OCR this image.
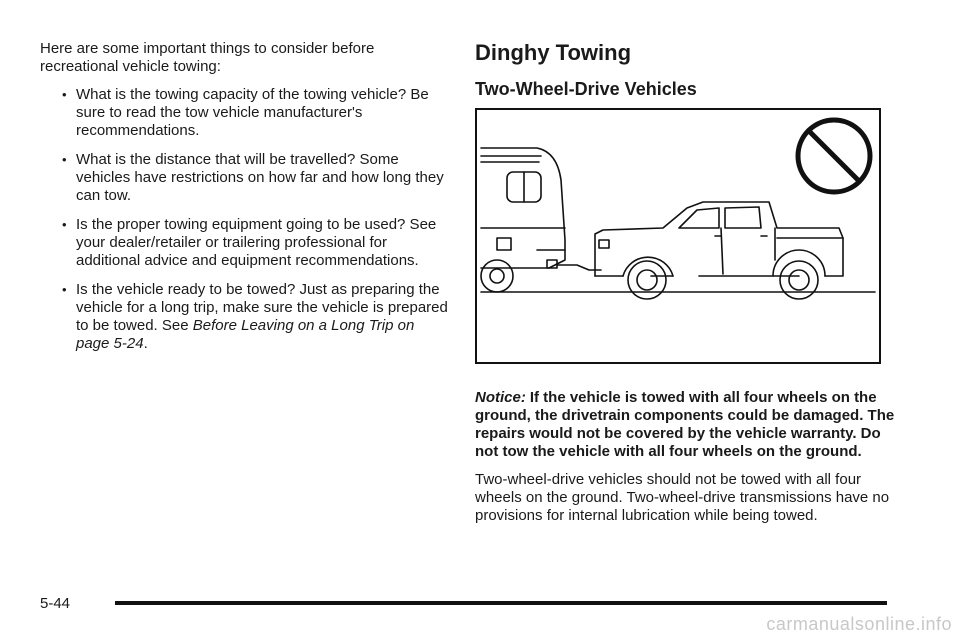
Here are some important things to consider before recreational vehicle towing:

• What is the towing capacity of the towing vehicle? Be sure to read the tow vehicle manufacturer's recommendations.
• What is the distance that will be travelled? Some vehicles have restrictions on how far and how long they can tow.
• Is the proper towing equipment going to be used? See your dealer/retailer or trailering professional for additional advice and equipment recommendations.
• Is the vehicle ready to be towed? Just as preparing the vehicle for a long trip, make sure the vehicle is prepared to be towed. See Before Leaving on a Long Trip on page 5-24.
Dinghy Towing
Two-Wheel-Drive Vehicles

Notice: If the vehicle is towed with all four wheels on the ground, the drivetrain components could be damaged. The repairs would not be covered by the vehicle warranty. Do not tow the vehicle with all four wheels on the ground.

Two-wheel-drive vehicles should not be towed with all four wheels on the ground. Two-wheel-drive transmissions have no provisions for internal lubrication while being towed.

5-44
carmanualsonline.info
